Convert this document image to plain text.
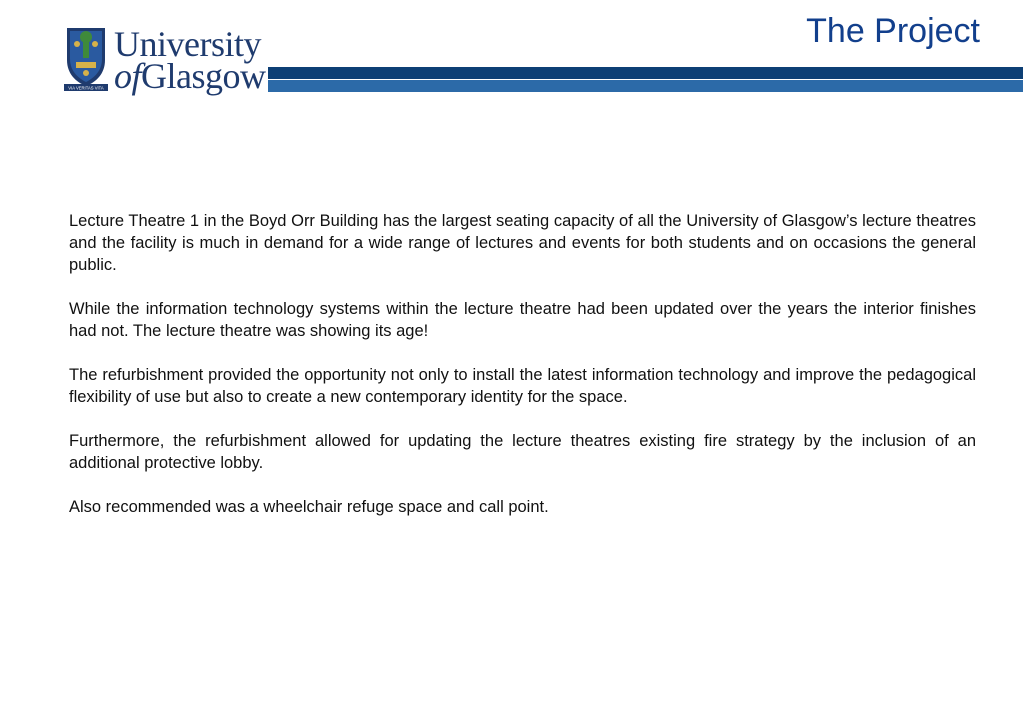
VIA VERITAS VITA
University
ofGlasgow
The Project

Lecture Theatre 1 in the Boyd Orr Building has the largest seating capacity of all the University of Glasgow’s lecture theatres and the facility is much in demand for a wide range of lectures and events for both students and on occasions the general public.

While the information technology systems within the lecture theatre had been updated over the years the interior finishes had not. The lecture theatre was showing its age!

The refurbishment provided the opportunity not only to install the latest information technology and improve the pedagogical flexibility of use but also to create a new contemporary identity for the space.

Furthermore, the refurbishment allowed for updating the lecture theatres existing fire strategy by the inclusion of an additional protective lobby.

Also recommended was a wheelchair refuge space and call point.
